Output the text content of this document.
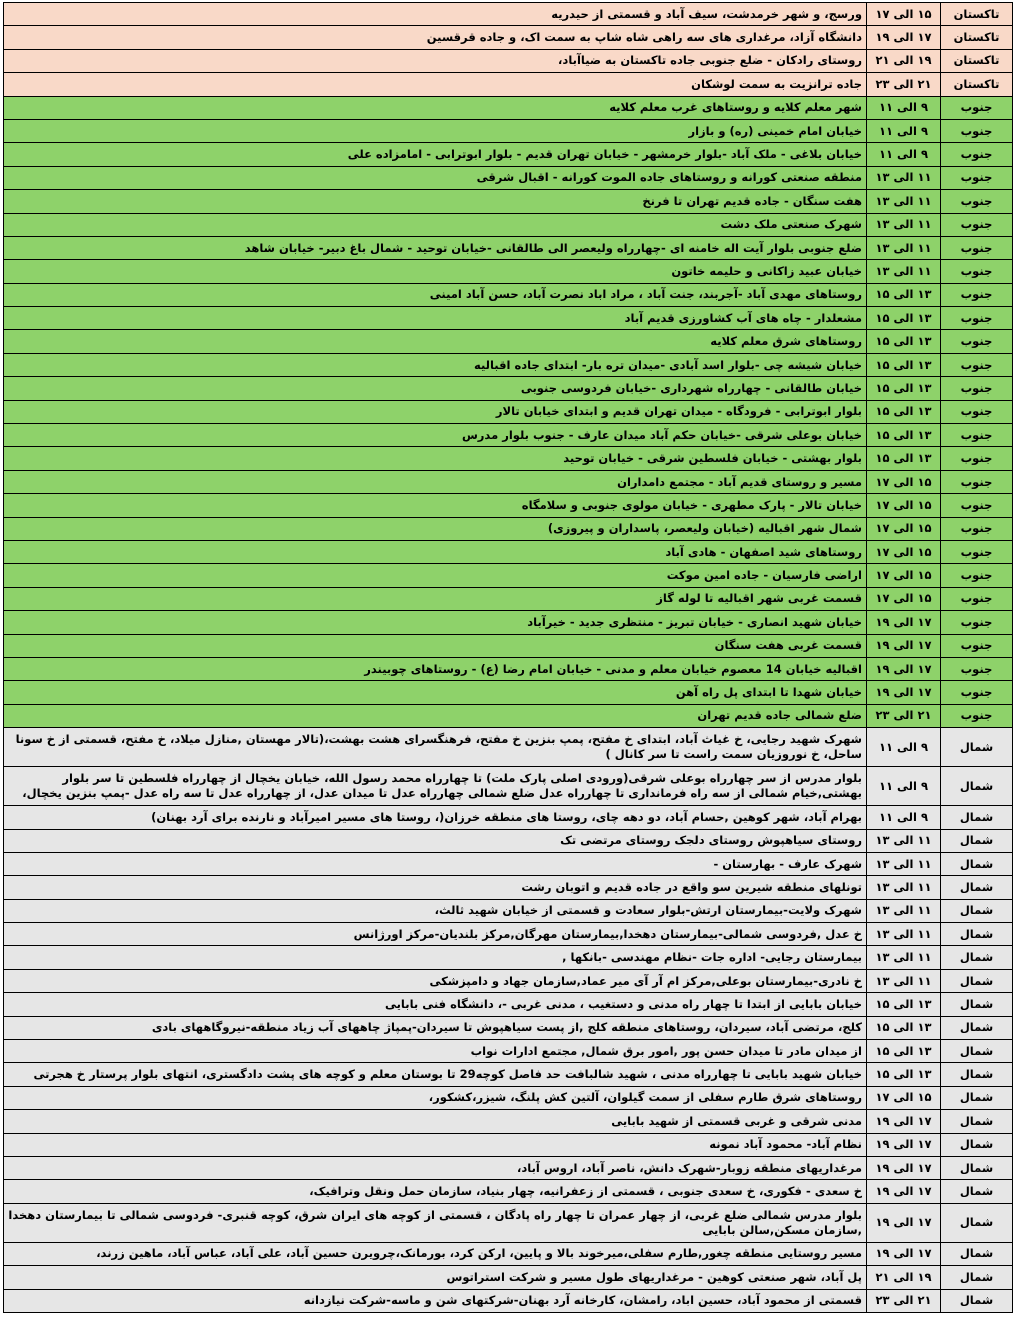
تاکستان	۱۵ الی ۱۷	ورسج، و شهر خرمدشت، سیف آباد و قسمتی از حیدریه
تاکستان	۱۷ الی ۱۹	دانشگاه آزاد، مرغداری های سه راهی شاه شاپ به سمت اک، و جاده قرقسین
تاکستان	۱۹ الی ۲۱	روستای رادکان - ضلع جنوبی جاده تاکستان به ضیاآباد،
تاکستان	۲۱ الی ۲۳	جاده ترانزیت به سمت لوشکان
جنوب	۹ الی ۱۱	شهر معلم کلایه و روستاهای غرب معلم کلایه
جنوب	۹ الی ۱۱	خیابان امام خمینی (ره) و بازار
جنوب	۹ الی ۱۱	خیابان بلاغی - ملک آباد -بلوار خرمشهر - خیابان تهران قدیم - بلوار ابوترابی - امامزاده علی
جنوب	۱۱ الی ۱۳	منطقه صنعتی کورانه و روستاهای جاده الموت کورانه - اقبال شرقی
جنوب	۱۱ الی ۱۳	هفت سنگان - جاده قدیم تهران تا فرنخ
جنوب	۱۱ الی ۱۳	شهرک صنعتی ملک دشت
جنوب	۱۱ الی ۱۳	ضلع جنوبی بلوار آیت اله خامنه ای -چهارراه ولیعصر الی طالقانی -خیابان توحید - شمال باغ دبیر- خیابان شاهد
جنوب	۱۱ الی ۱۳	خیابان عبید زاکانی و حلیمه خاتون
جنوب	۱۳ الی ۱۵	روستاهای مهدی آباد -آجربند، جنت آباد ، مراد اباد نصرت آباد، حسن آباد امینی
جنوب	۱۳ الی ۱۵	مشعلدار - چاه های آب کشاورزی قدیم آباد
جنوب	۱۳ الی ۱۵	روستاهای شرق معلم کلایه
جنوب	۱۳ الی ۱۵	خیابان شیشه چی -بلوار اسد آبادی -میدان تره بار- ابتدای جاده اقبالیه
جنوب	۱۳ الی ۱۵	خیابان طالقانی - چهارراه شهرداری -خیابان فردوسی جنوبی
جنوب	۱۳ الی ۱۵	بلوار ابوترابی - فرودگاه - میدان تهران قدیم و ابتدای خیابان تالار
جنوب	۱۳ الی ۱۵	خیابان بوعلی شرقی -خیابان حکم آباد میدان عارف - جنوب بلوار مدرس
جنوب	۱۳ الی ۱۵	بلوار بهشتی - خیابان فلسطین شرقی - خیابان توحید
جنوب	۱۵ الی ۱۷	مسیر و روستای قدیم آباد - مجتمع دامداران
جنوب	۱۵ الی ۱۷	خیابان تالار - پارک مطهری - خیابان مولوی جنوبی و سلامگاه
جنوب	۱۵ الی ۱۷	شمال شهر اقبالیه (خیابان ولیعصر، پاسداران و پیروزی)
جنوب	۱۵ الی ۱۷	روستاهای شید اصفهان - هادی آباد
جنوب	۱۵ الی ۱۷	اراضی فارسیان - جاده امین موکت
جنوب	۱۵ الی ۱۷	قسمت غربی شهر اقبالیه تا لوله گاز
جنوب	۱۷ الی ۱۹	خیابان شهید انصاری - خیابان تبریز - منتظری جدید - خیرآباد
جنوب	۱۷ الی ۱۹	قسمت غربی هفت سنگان
جنوب	۱۷ الی ۱۹	اقبالیه خیابان 14 معصوم خیابان معلم و مدنی - خیابان امام رضا (ع) - روستاهای چوبیندر
جنوب	۱۷ الی ۱۹	خیابان شهدا تا ابتدای پل راه آهن
جنوب	۲۱ الی ۲۳	ضلع شمالی جاده قدیم تهران
شمال	۹ الی ۱۱	شهرک شهید رجایی، خ غیاث آباد، ابتدای خ مفتح، پمپ بنزین خ مفتح، فرهنگسرای هشت بهشت،(تالار مهستان ,منازل میلاد، خ مفتح، قسمتی از خ سونا ساحل، خ نوروزیان سمت راست تا سر کانال )
شمال	۹ الی ۱۱	بلوار مدرس از سر چهارراه بوعلی شرقی(ورودی اصلی پارک ملت) تا چهارراه محمد رسول الله، خیابان یخچال از چهارراه فلسطین تا سر بلوار بهشتی,خیام شمالی از سه راه فرمانداری تا چهارراه عدل ضلع شمالی چهارراه عدل تا میدان عدل، از چهارراه عدل تا سه راه عدل -پمپ بنزین یخچال،
شمال	۹ الی ۱۱	بهرام آباد، شهر کوهین ,حسام آباد، دو دهه چای، روستا های منطقه خرزان(، روستا های مسیر امیرآباد و نارنده برای آرد بهنان)
شمال	۱۱ الی ۱۳	روستای سیاهپوش روستای دلجک روستای مرتضی تک
شمال	۱۱ الی ۱۳	شهرک عارف - بهارستان -
شمال	۱۱ الی ۱۳	تونلهای منطقه شیرین سو واقع در جاده قدیم و اتوبان رشت
شمال	۱۱ الی ۱۳	شهرک ولایت-بیمارستان ارتش-بلوار سعادت و قسمتی از خیابان شهید ثالث،
شمال	۱۱ الی ۱۳	خ عدل ,فردوسی شمالی-بیمارستان دهخدا,بیمارستان مهرگان,مرکز بلندیان-مرکز اورژانس
شمال	۱۱ الی ۱۳	بیمارستان رجایی- اداره جات -نظام مهندسی -بانکها ,
شمال	۱۱ الی ۱۳	خ نادری-بیمارستان بوعلی,مرکز ام آر آی میر عماد,سازمان جهاد و دامپزشکی
شمال	۱۳ الی ۱۵	خیابان بابایی از ابتدا تا چهار راه مدنی و دستغیب ، مدنی غربی -، دانشگاه فنی بابایی
شمال	۱۳ الی ۱۵	کلج، مرتضی آباد، سیردان، روستاهای منطقه کلج ,از پست سیاهپوش تا سیردان-پمپاژ چاههای آب زیاد منطقه-نیروگاههای بادی
شمال	۱۳ الی ۱۵	از میدان مادر تا میدان حسن پور ,امور برق شمال, مجتمع ادارات نواب
شمال	۱۳ الی ۱۵	خیابان شهید بابایی تا چهارراه مدنی ، شهید شالبافت حد فاصل کوچه29 تا بوستان معلم و کوچه های پشت دادگستری، انتهای بلوار پرستار خ هجرتی
شمال	۱۵ الی ۱۷	روستاهای شرق طارم سفلی از سمت گیلوان، آلتین کش پلنگ، شیزر،کشکور،
شمال	۱۷ الی ۱۹	مدنی شرقی و غربی قسمتی از شهید بابایی
شمال	۱۷ الی ۱۹	نظام آباد- محمود آباد نمونه
شمال	۱۷ الی ۱۹	مرغداریهای منطقه زوبار-شهرک دانش، ناصر آباد، اروس آباد،
شمال	۱۷ الی ۱۹	خ سعدی - فکوری، خ سعدی جنوبی ، قسمتی از زعفرانیه، چهار بنیاد، سازمان حمل ونقل وترافیک،
شمال	۱۷ الی ۱۹	بلوار مدرس شمالی ضلع غربی، از چهار عمران تا چهار راه پادگان ، قسمتی از کوچه های ایران شرق، کوچه قنبری- فردوسی شمالی تا بیمارستان دهخدا ,سازمان مسکن,سالن بابایی
شمال	۱۷ الی ۱۹	مسیر روستایی منطقه چغور,طارم سفلی،میرخوند بالا و پایین، ارکن کرد، بورمانک،چرویرن حسین آباد، علی آباد، عباس آباد، ماهین زرند،
شمال	۱۹ الی ۲۱	پل آباد، شهر صنعتی کوهین - مرغداریهای طول مسیر و شرکت استراتوس
شمال	۲۱ الی ۲۳	قسمتی از محمود آباد، حسین اباد، رامشان، کارخانه آرد بهنان-شرکتهای شن و ماسه-شرکت نیازدانه
